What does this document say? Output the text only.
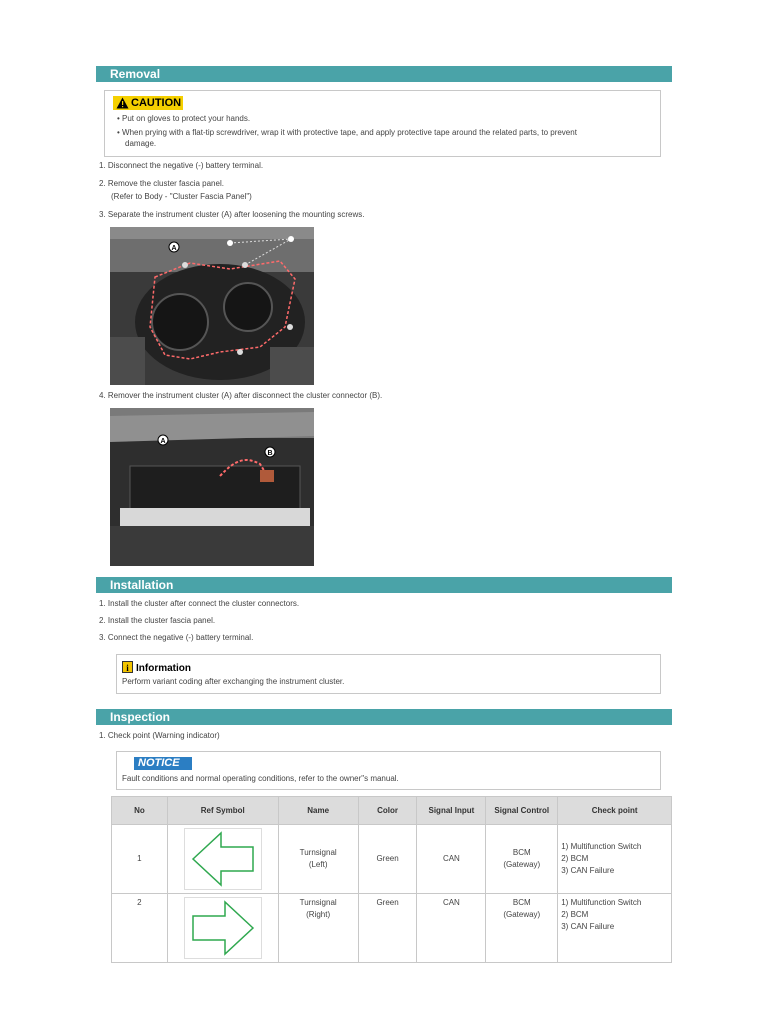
Removal
CAUTION
• Put on gloves to protect your hands.
• When prying with a flat-tip screwdriver, wrap it with protective tape, and apply protective tape around the related parts, to prevent
damage.
1. Disconnect the negative (-) battery terminal.
2. Remove the cluster fascia panel.
(Refer to Body - "Cluster Fascia Panel")
3. Separate the instrument cluster (A) after loosening the mounting screws.
A
4. Remover the instrument cluster (A) after disconnect the cluster connector (B).
A
B
Installation
1. Install the cluster after connect the cluster connectors.
2. Install the cluster fascia panel.
3. Connect the negative (-) battery terminal.
i Information
Perform variant coding after exchanging the instrument cluster.
Inspection
1. Check point (Warning indicator)
NOTICE
Fault conditions and normal operating conditions, refer to the owner"s manual.
No	Ref Symbol	Name	Color	Signal Input	Signal Control	Check point
1		Turnsignal (Left)	Green	CAN	BCM (Gateway)	1) Multifunction Switch
2) BCM
3) CAN Failure

2		Turnsignal (Right)	Green	CAN	BCM (Gateway)	1) Multifunction Switch
2) BCM
3) CAN Failure
